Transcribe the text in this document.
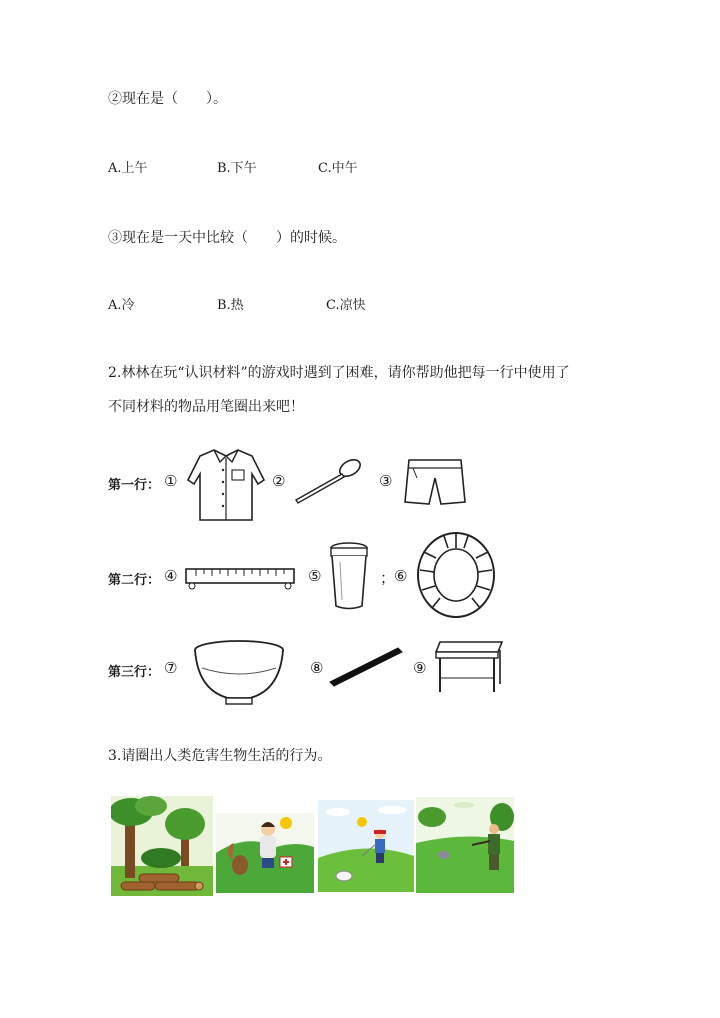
②现在是（　　）。
A.上午	B.下午	C.中午
③现在是一天中比较（　　）的时候。
A.冷	B.热	C.凉快
2.林林在玩“认识材料”的游戏时遇到了困难，请你帮助他把每一行中使用了
不同材料的物品用笔圈出来吧！
第一行： ①	②	③
第二行： ④	⑤	；
⑥
第三行： ⑦	⑧	⑨
3.请圈出人类危害生物生活的行为。
